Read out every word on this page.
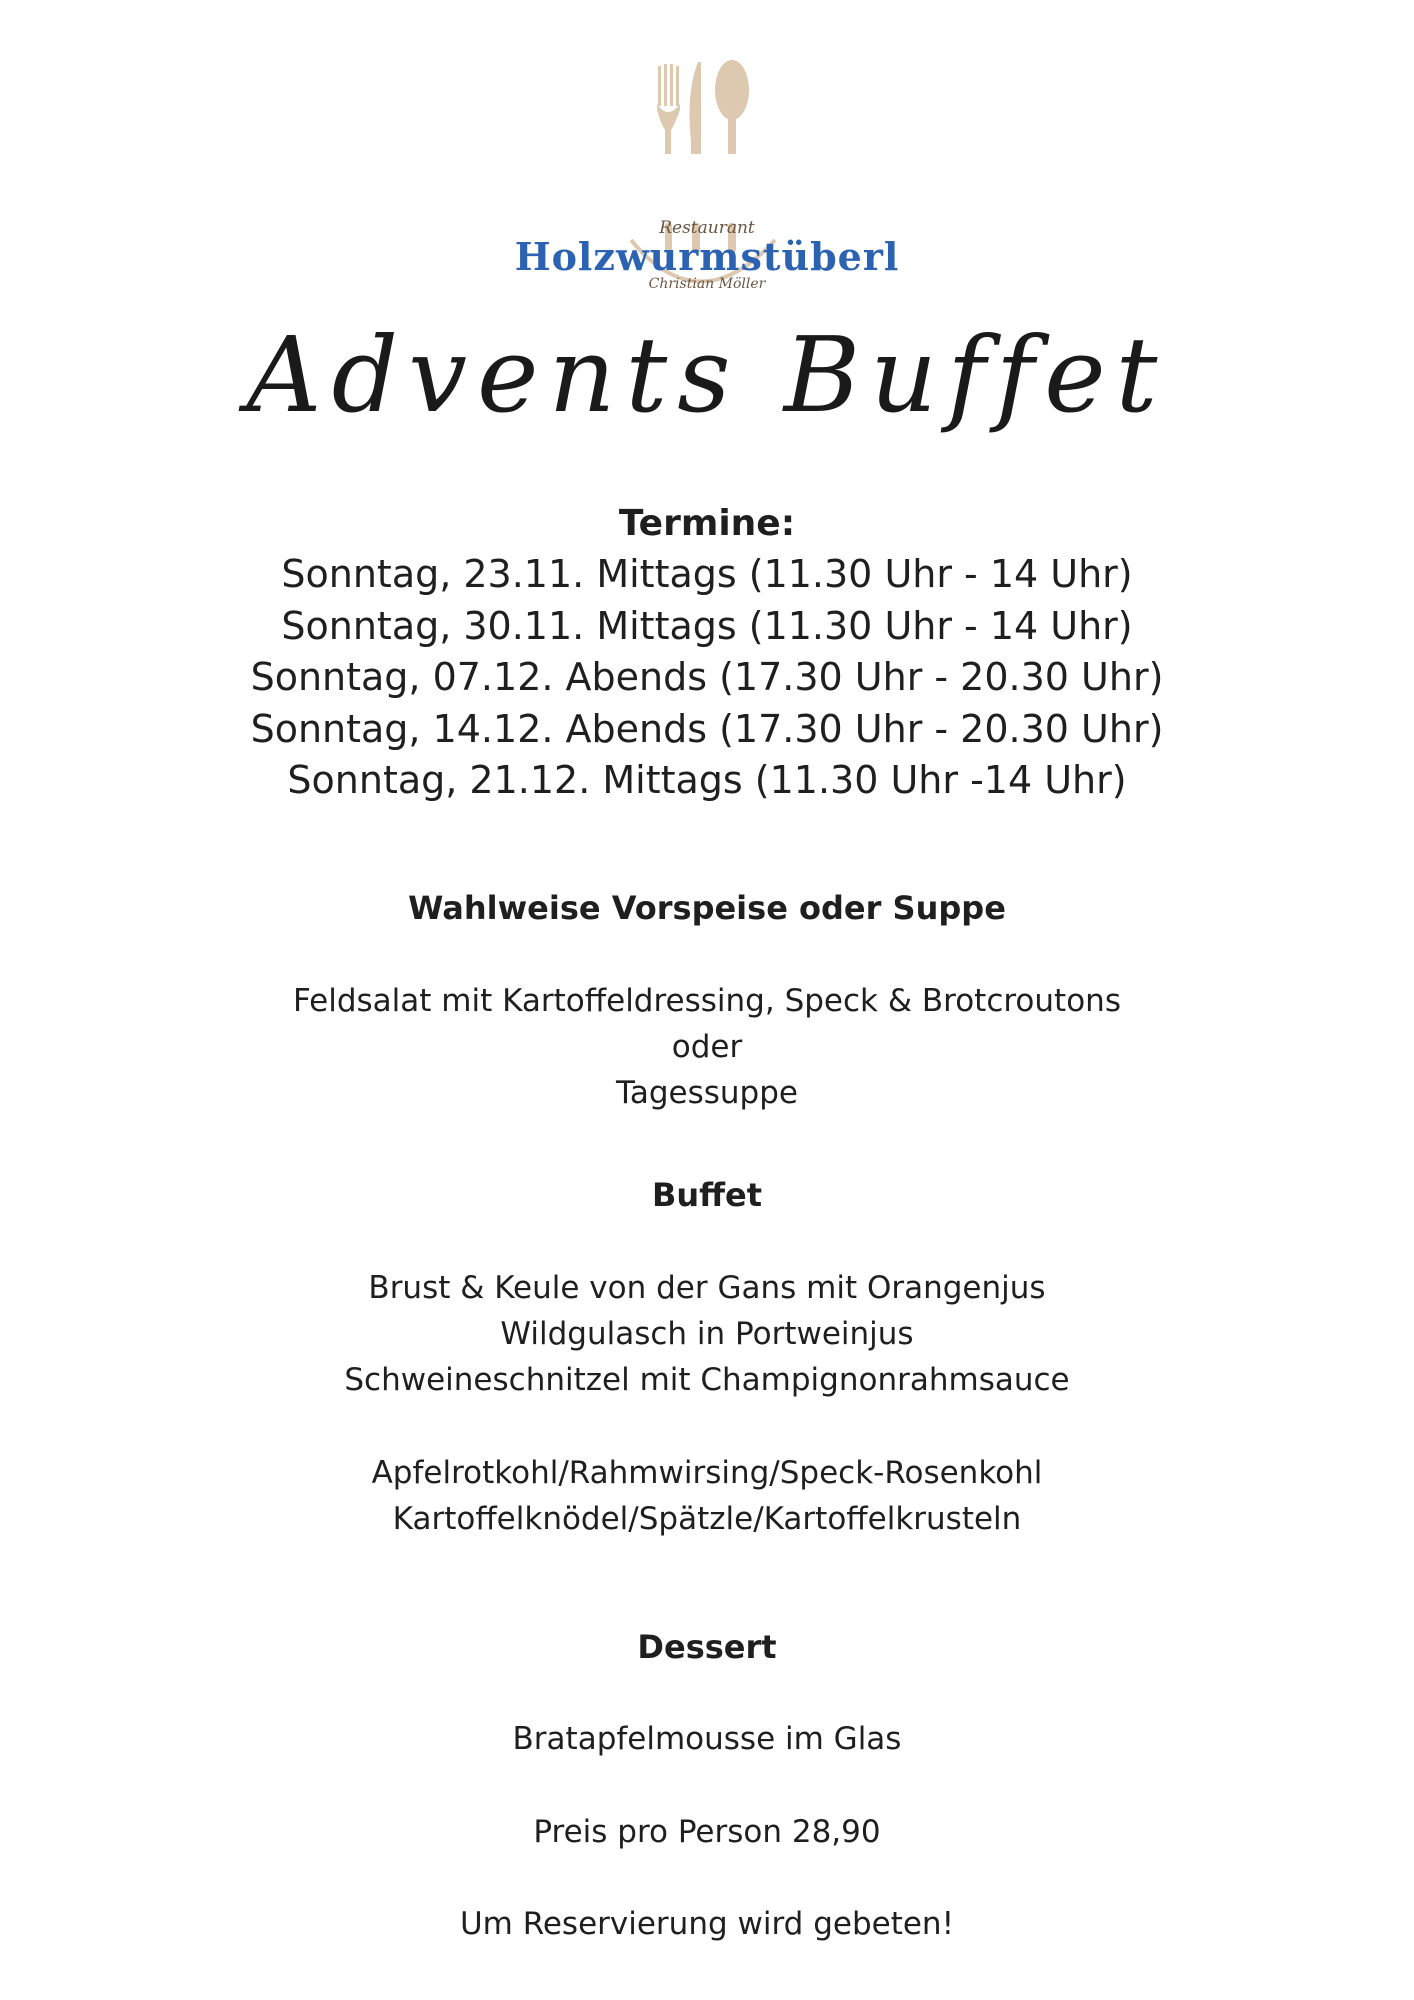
Restaurant
Holzwurmstüberl
Christian Möller
Advents Buffet
Termine:
Sonntag, 23.11. Mittags (11.30 Uhr - 14 Uhr)
Sonntag, 30.11. Mittags (11.30 Uhr - 14 Uhr)
Sonntag, 07.12. Abends (17.30 Uhr - 20.30 Uhr)
Sonntag, 14.12. Abends (17.30 Uhr - 20.30 Uhr)
Sonntag, 21.12. Mittags (11.30 Uhr -14 Uhr)
Wahlweise Vorspeise oder Suppe
Feldsalat mit Kartoffeldressing, Speck & Brotcroutons
oder
Tagessuppe
Buffet
Brust & Keule von der Gans mit Orangenjus
Wildgulasch in Portweinjus
Schweineschnitzel mit Champignonrahmsauce
Apfelrotkohl/Rahmwirsing/Speck-Rosenkohl
Kartoffelknödel/Spätzle/Kartoffelkrusteln
Dessert
Bratapfelmousse im Glas
Preis pro Person 28,90
Um Reservierung wird gebeten!
